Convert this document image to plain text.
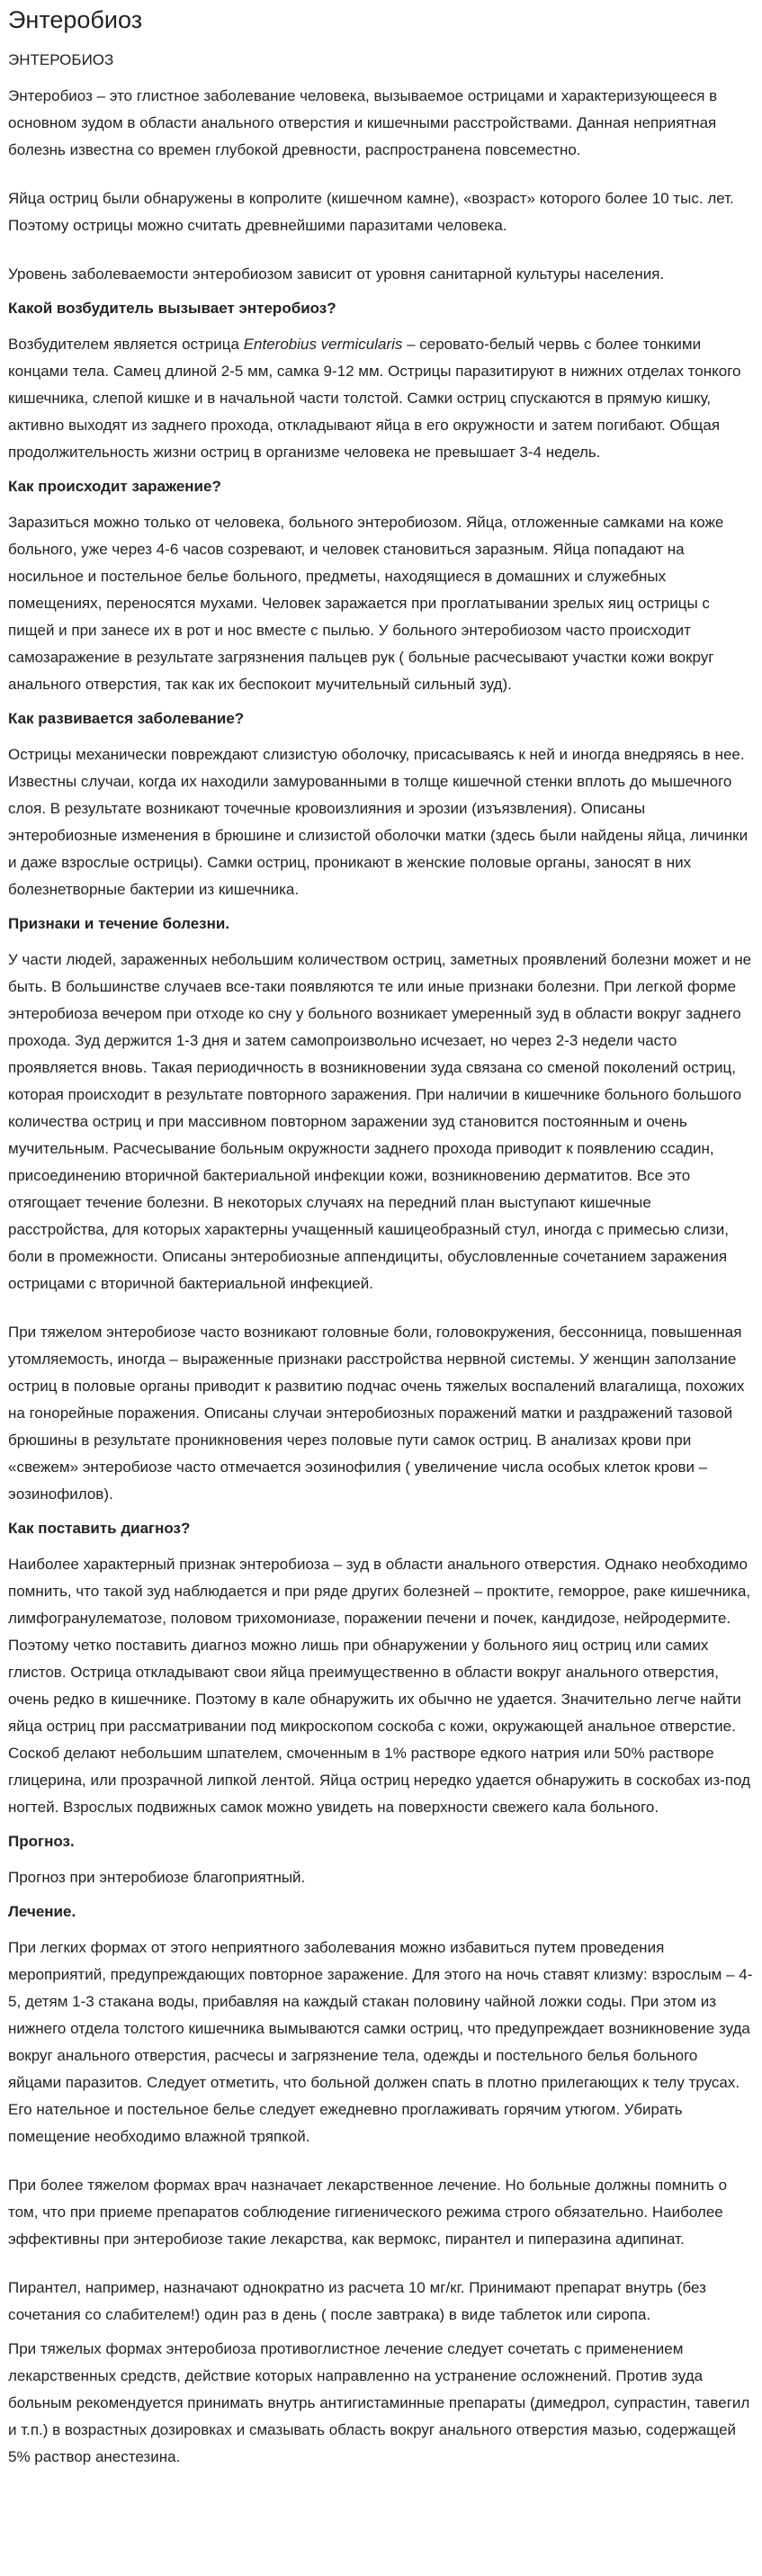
Энтеробиоз
ЭНТЕРОБИОЗ

Энтеробиоз – это глистное заболевание человека, вызываемое острицами и характеризующееся в основном зудом в области анального отверстия и кишечными расстройствами. Данная неприятная болезнь известна со времен глубокой древности, распространена повсеместно.

Яйца остриц были обнаружены в копролите (кишечном камне), «возраст» которого более 10 тыс. лет. Поэтому острицы можно считать древнейшими паразитами человека.

Уровень заболеваемости энтеробиозом зависит от уровня санитарной культуры населения.

Какой возбудитель вызывает энтеробиоз?

Возбудителем является острица Enterobius vermicularis – серовато-белый червь с более тонкими концами тела. Самец длиной 2-5 мм, самка 9-12 мм. Острицы паразитируют в нижних отделах тонкого кишечника, слепой кишке и в начальной части толстой. Самки остриц спускаются в прямую кишку, активно выходят из заднего прохода, откладывают яйца в его окружности и затем погибают. Общая продолжительность жизни остриц в организме человека не превышает 3-4 недель.

Как происходит заражение?

Заразиться можно только от человека, больного энтеробиозом. Яйца, отложенные самками на коже больного, уже через 4-6 часов созревают, и человек становиться заразным. Яйца попадают на носильное и постельное белье больного, предметы, находящиеся в домашних и служебных помещениях, переносятся мухами. Человек заражается при проглатывании зрелых яиц острицы с пищей и при занесе их в рот и нос вместе с пылью. У больного энтеробиозом часто происходит самозаражение в результате загрязнения пальцев рук ( больные расчесывают участки кожи вокруг анального отверстия, так как их беспокоит мучительный сильный зуд).

Как развивается заболевание?

Острицы механически повреждают слизистую оболочку, присасываясь к ней и иногда внедряясь в нее. Известны случаи, когда их находили замурованными в толще кишечной стенки вплоть до мышечного слоя. В результате возникают точечные кровоизлияния и эрозии (изъязвления). Описаны энтеробиозные изменения в брюшине и слизистой оболочки матки (здесь были найдены яйца, личинки и даже взрослые острицы). Самки остриц, проникают в женские половые органы, заносят в них болезнетворные бактерии из кишечника.

Признаки и течение болезни.

У части людей, зараженных небольшим количеством остриц, заметных проявлений болезни может и не быть. В большинстве случаев все-таки появляются те или иные признаки болезни. При легкой форме энтеробиоза вечером при отходе ко сну у больного возникает умеренный зуд в области вокруг заднего прохода. Зуд держится 1-3 дня и затем самопроизвольно исчезает, но через 2-3 недели часто проявляется вновь. Такая периодичность в возникновении зуда связана со сменой поколений остриц, которая происходит в результате повторного заражения. При наличии в кишечнике больного большого количества остриц и при массивном повторном заражении зуд становится постоянным и очень мучительным. Расчесывание больным окружности заднего прохода приводит к появлению ссадин, присоединению вторичной бактериальной инфекции кожи, возникновению дерматитов. Все это отягощает течение болезни. В некоторых случаях на передний план выступают кишечные расстройства, для которых характерны учащенный кашицеобразный стул, иногда с примесью слизи, боли в промежности. Описаны энтеробиозные аппендициты, обусловленные сочетанием заражения острицами с вторичной бактериальной инфекцией.

При тяжелом энтеробиозе часто возникают головные боли, головокружения, бессонница, повышенная утомляемость, иногда – выраженные признаки расстройства нервной системы. У женщин заползание остриц в половые органы приводит к развитию подчас очень тяжелых воспалений влагалища, похожих на гонорейные поражения. Описаны случаи энтеробиозных поражений матки и раздражений тазовой брюшины в результате проникновения через половые пути самок остриц. В анализах крови при «свежем» энтеробиозе часто отмечается эозинофилия ( увеличение числа особых клеток крови – эозинофилов).

Как поставить диагноз?

Наиболее характерный признак энтеробиоза – зуд в области анального отверстия. Однако необходимо помнить, что такой зуд наблюдается и при ряде других болезней – проктите, геморрое, раке кишечника, лимфогранулематозе, половом трихомониазе, поражении печени и почек, кандидозе, нейродермите. Поэтому четко поставить диагноз можно лишь при обнаружении у больного яиц остриц или самих глистов. Острица откладывают свои яйца преимущественно в области вокруг анального отверстия, очень редко в кишечнике. Поэтому в кале обнаружить их обычно не удается. Значительно легче найти яйца остриц при рассматривании под микроскопом соскоба с кожи, окружающей анальное отверстие. Соскоб делают небольшим шпателем, смоченным в 1% растворе едкого натрия или 50% растворе глицерина, или прозрачной липкой лентой. Яйца остриц нередко удается обнаружить в соскобах из-под ногтей. Взрослых подвижных самок можно увидеть на поверхности свежего кала больного.

Прогноз.

Прогноз при энтеробиозе благоприятный.

Лечение.

При легких формах от этого неприятного заболевания можно избавиться путем проведения мероприятий, предупреждающих повторное заражение. Для этого на ночь ставят клизму: взрослым – 4-5, детям 1-3 стакана воды, прибавляя на каждый стакан половину чайной ложки соды. При этом из нижнего отдела толстого кишечника вымываются самки остриц, что предупреждает возникновение зуда вокруг анального отверстия, расчесы и загрязнение тела, одежды и постельного белья больного яйцами паразитов. Следует отметить, что больной должен спать в плотно прилегающих к телу трусах. Его нательное и постельное белье следует ежедневно проглаживать горячим утюгом. Убирать помещение необходимо влажной тряпкой.

При более тяжелом формах врач назначает лекарственное лечение. Но больные должны помнить о том, что при приеме препаратов соблюдение гигиенического режима строго обязательно. Наиболее эффективны при энтеробиозе такие лекарства, как вермокс, пирантел и пиперазина адипинат.

Пирантел, например, назначают однократно из расчета 10 мг/кг. Принимают препарат внутрь (без сочетания со слабителем!) один раз в день ( после завтрака) в виде таблеток или сиропа.

При тяжелых формах энтеробиоза противоглистное лечение следует сочетать с применением лекарственных средств, действие которых направленно на устранение осложнений. Против зуда больным рекомендуется принимать внутрь антигистаминные препараты (димедрол, супрастин, тавегил и т.п.) в возрастных дозировках и смазывать область вокруг анального отверстия мазью, содержащей 5% раствор анестезина.
